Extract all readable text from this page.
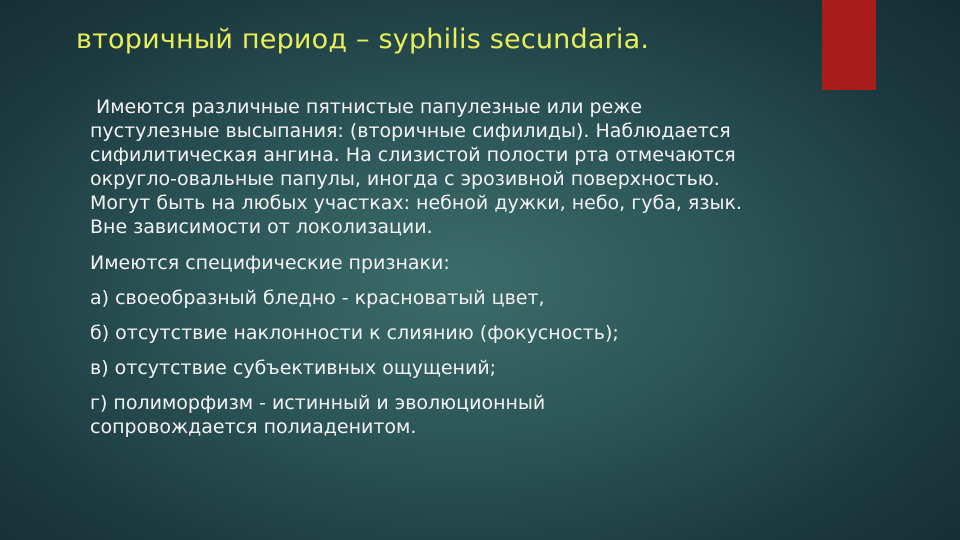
вторичный период – syphilis secundaria.
Имеются различные пятнистые папулезные или реже
пустулезные высыпания: (вторичные сифилиды). Наблюдается
сифилитическая ангина. На слизистой полости рта отмечаются
округло-овальные папулы, иногда с эрозивной поверхностью.
Могут быть на любых участках: небной дужки, небо, губа, язык.
Вне зависимости от локолизации.
Имеются специфические признаки:
а) своеобразный бледно - красноватый цвет,
б) отсутствие наклонности к слиянию (фокусность);
в) отсутствие субъективных ощущений;
г) полиморфизм - истинный и эволюционный
сопровождается полиаденитом.
